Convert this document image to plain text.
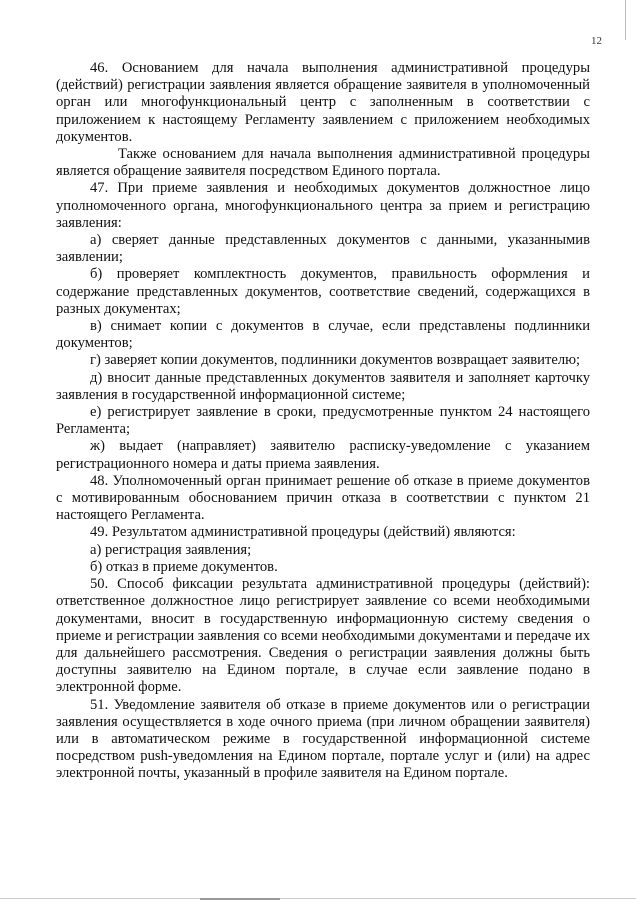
12

46. Основанием для начала выполнения административной процедуры (действий) регистрации заявления является обращение заявителя в уполномоченный орган или многофункциональный центр с заполненным в соответствии с приложением к настоящему Регламенту заявлением с приложением необходимых документов.

Также основанием для начала выполнения административной процедуры является обращение заявителя посредством Единого портала.

47. При приеме заявления и необходимых документов должностное лицо уполномоченного органа, многофункционального центра за прием и регистрацию заявления:

а) сверяет данные представленных документов с данными, указаннымив заявлении;

б) проверяет комплектность документов, правильность оформления и содержание представленных документов, соответствие сведений, содержащихся в разных документах;

в) снимает копии с документов в случае, если представлены подлинники документов;

г) заверяет копии документов, подлинники документов возвращает заявителю;

д) вносит данные представленных документов заявителя и заполняет карточку заявления в государственной информационной системе;

е) регистрирует заявление в сроки, предусмотренные пунктом 24 настоящего Регламента;

ж) выдает (направляет) заявителю расписку-уведомление с указанием регистрационного номера и даты приема заявления.

48. Уполномоченный орган принимает решение об отказе в приеме документов с мотивированным обоснованием причин отказа в соответствии с пунктом 21 настоящего Регламента.

49. Результатом административной процедуры (действий) являются:

а) регистрация заявления;

б) отказ в приеме документов.

50. Способ фиксации результата административной процедуры (действий): ответственное должностное лицо регистрирует заявление со всеми необходимыми документами, вносит в государственную информационную систему сведения о приеме и регистрации заявления со всеми необходимыми документами и передаче их для дальнейшего рассмотрения. Сведения о регистрации заявления должны быть доступны заявителю на Едином портале, в случае если заявление подано в электронной форме.

51. Уведомление заявителя об отказе в приеме документов или о регистрации заявления осуществляется в ходе очного приема (при личном обращении заявителя) или в автоматическом режиме в государственной информационной системе посредством push-уведомления на Едином портале, портале услуг и (или) на адрес электронной почты, указанный в профиле заявителя на Едином портале.
